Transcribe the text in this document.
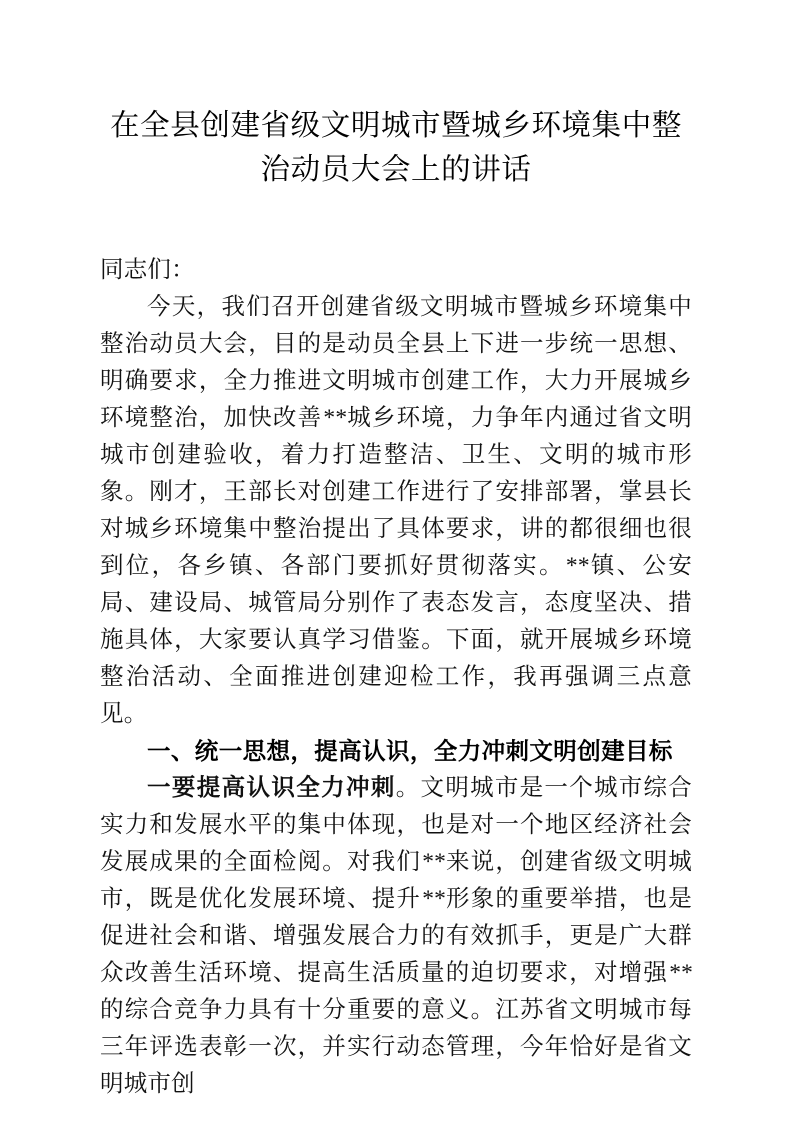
在全县创建省级文明城市暨城乡环境集中整治动员大会上的讲话

同志们：

今天，我们召开创建省级文明城市暨城乡环境集中整治动员大会，目的是动员全县上下进一步统一思想、明确要求，全力推进文明城市创建工作，大力开展城乡环境整治，加快改善**城乡环境，力争年内通过省文明城市创建验收，着力打造整洁、卫生、文明的城市形象。刚才，王部长对创建工作进行了安排部署，掌县长对城乡环境集中整治提出了具体要求，讲的都很细也很到位，各乡镇、各部门要抓好贯彻落实。**镇、公安局、建设局、城管局分别作了表态发言，态度坚决、措施具体，大家要认真学习借鉴。下面，就开展城乡环境整治活动、全面推进创建迎检工作，我再强调三点意见。

一、统一思想，提高认识，全力冲刺文明创建目标

一要提高认识全力冲刺。文明城市是一个城市综合实力和发展水平的集中体现，也是对一个地区经济社会发展成果的全面检阅。对我们**来说，创建省级文明城市，既是优化发展环境、提升**形象的重要举措，也是促进社会和谐、增强发展合力的有效抓手，更是广大群众改善生活环境、提高生活质量的迫切要求，对增强**的综合竞争力具有十分重要的意义。江苏省文明城市每三年评选表彰一次，并实行动态管理，今年恰好是省文明城市创
